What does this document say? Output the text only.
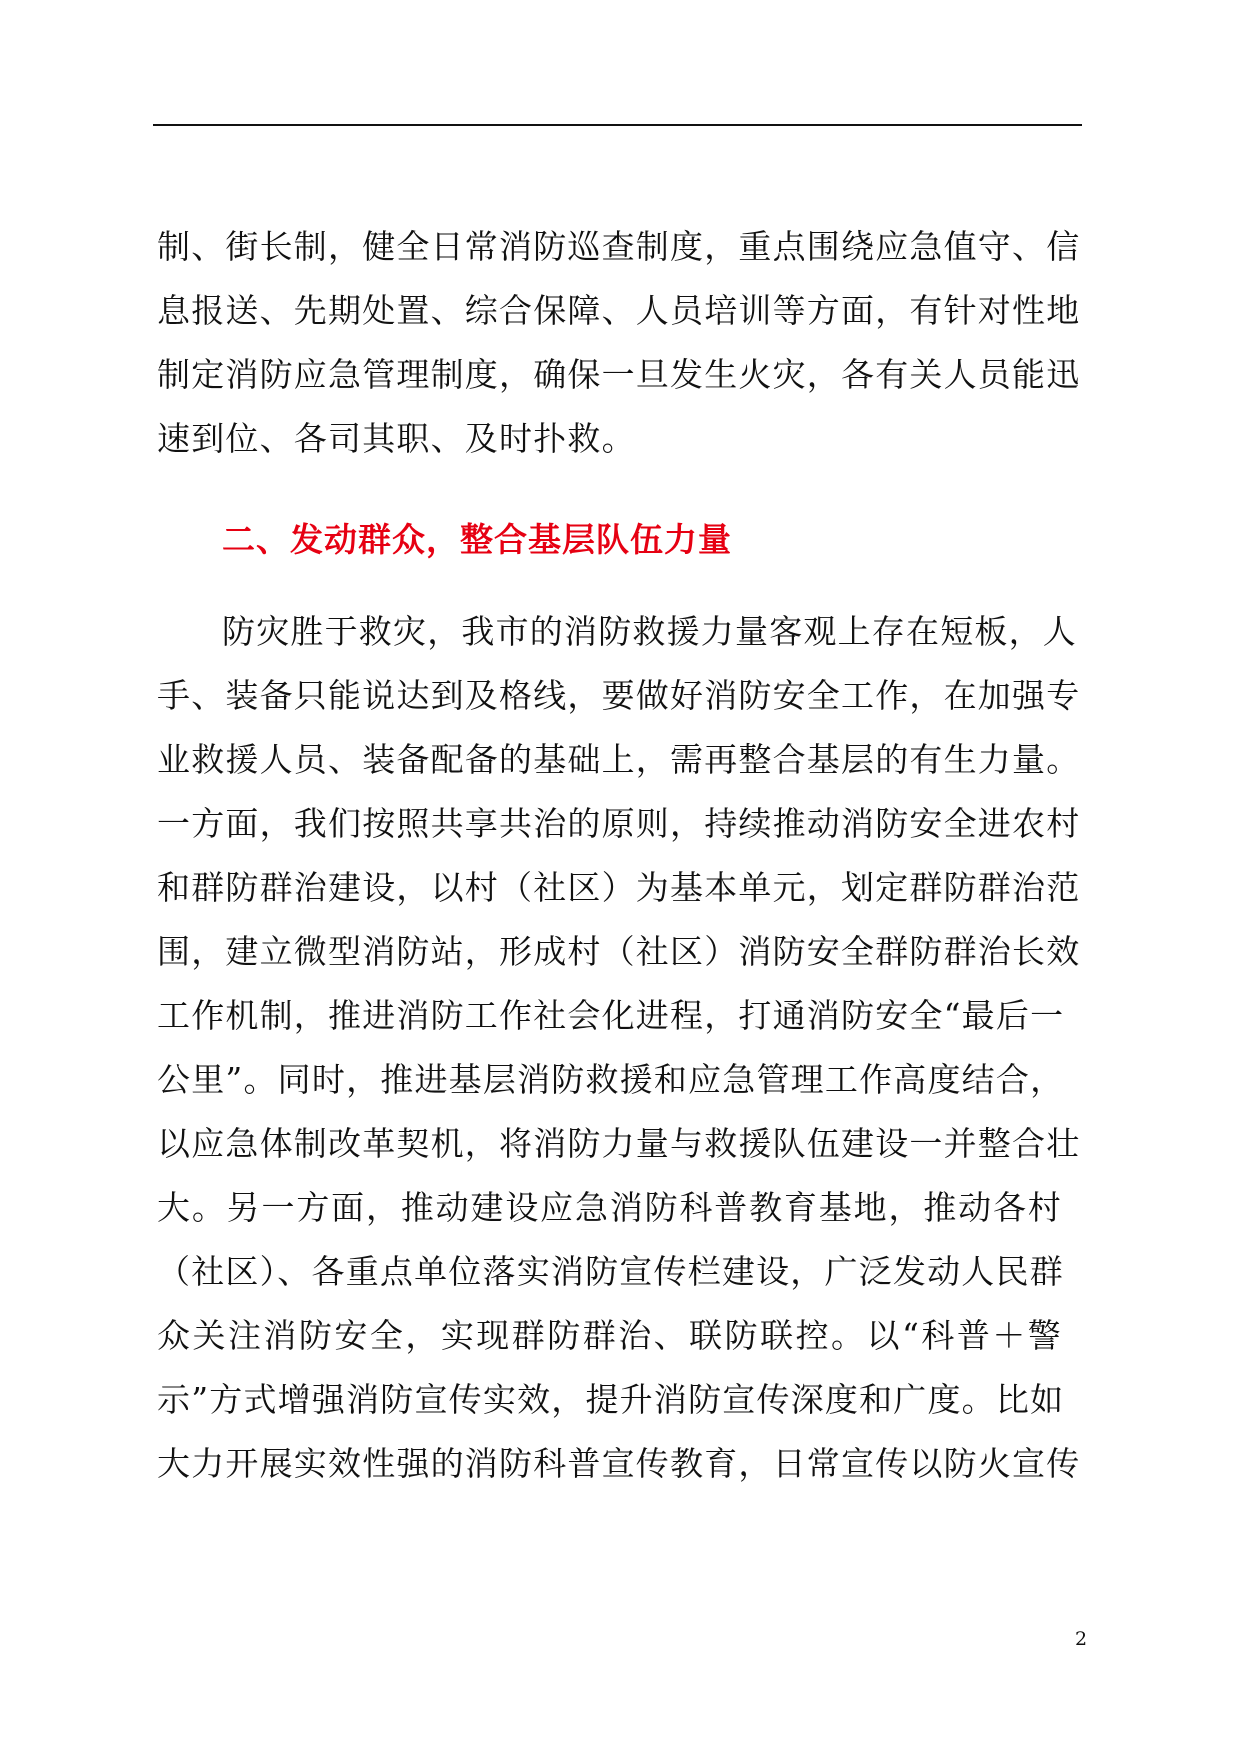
制、街长制，健全日常消防巡查制度，重点围绕应急值守、信
息报送、先期处置、综合保障、人员培训等方面，有针对性地
制定消防应急管理制度，确保一旦发生火灾，各有关人员能迅
速到位、各司其职、及时扑救。
二、发动群众，整合基层队伍力量
防灾胜于救灾，我市的消防救援力量客观上存在短板，人
手、装备只能说达到及格线，要做好消防安全工作，在加强专
业救援人员、装备配备的基础上，需再整合基层的有生力量。
一方面，我们按照共享共治的原则，持续推动消防安全进农村
和群防群治建设，以村（社区）为基本单元，划定群防群治范
围，建立微型消防站，形成村（社区）消防安全群防群治长效
工作机制，推进消防工作社会化进程，打通消防安全“最后一
公里”。同时，推进基层消防救援和应急管理工作高度结合，
以应急体制改革契机，将消防力量与救援队伍建设一并整合壮
大。另一方面，推动建设应急消防科普教育基地，推动各村
（社区）、各重点单位落实消防宣传栏建设，广泛发动人民群
众关注消防安全，实现群防群治、联防联控。以“科普＋警
示”方式增强消防宣传实效，提升消防宣传深度和广度。比如
大力开展实效性强的消防科普宣传教育，日常宣传以防火宣传
2
